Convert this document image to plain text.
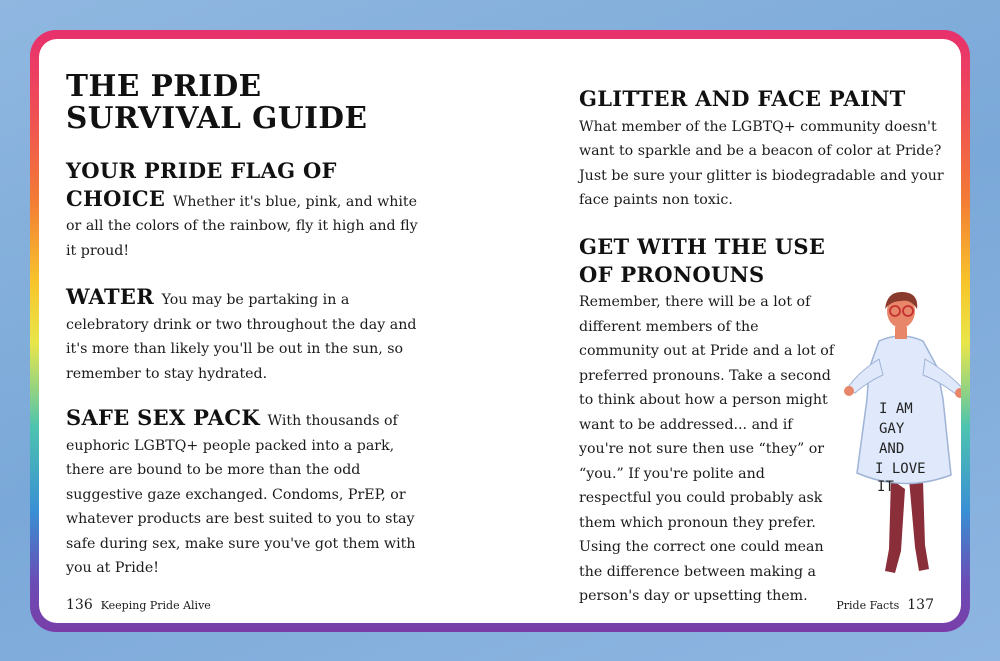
THE PRIDE SURVIVAL GUIDE
YOUR PRIDE FLAG OF CHOICE Whether it's blue, pink, and white or all the colors of the rainbow, fly it high and fly it proud!
WATER You may be partaking in a celebratory drink or two throughout the day and it's more than likely you'll be out in the sun, so remember to stay hydrated.
SAFE SEX PACK With thousands of euphoric LGBTQ+ people packed into a park, there are bound to be more than the odd suggestive gaze exchanged. Condoms, PrEP, or whatever products are best suited to you to stay safe during sex, make sure you've got them with you at Pride!
GLITTER AND FACE PAINT What member of the LGBTQ+ community doesn't want to sparkle and be a beacon of color at Pride? Just be sure your glitter is biodegradable and your face paints non toxic.
GET WITH THE USE OF PRONOUNS Remember, there will be a lot of different members of the community out at Pride and a lot of preferred pronouns. Take a second to think about how a person might want to be addressed... and if you're not sure then use “they” or “you.” If you're polite and respectful you could probably ask them which pronoun they prefer. Using the correct one could mean the difference between making a person's day or upsetting them.
I AM
GAY
AND
I LOVE
IT
136 Keeping Pride Alive	Pride Facts 137
